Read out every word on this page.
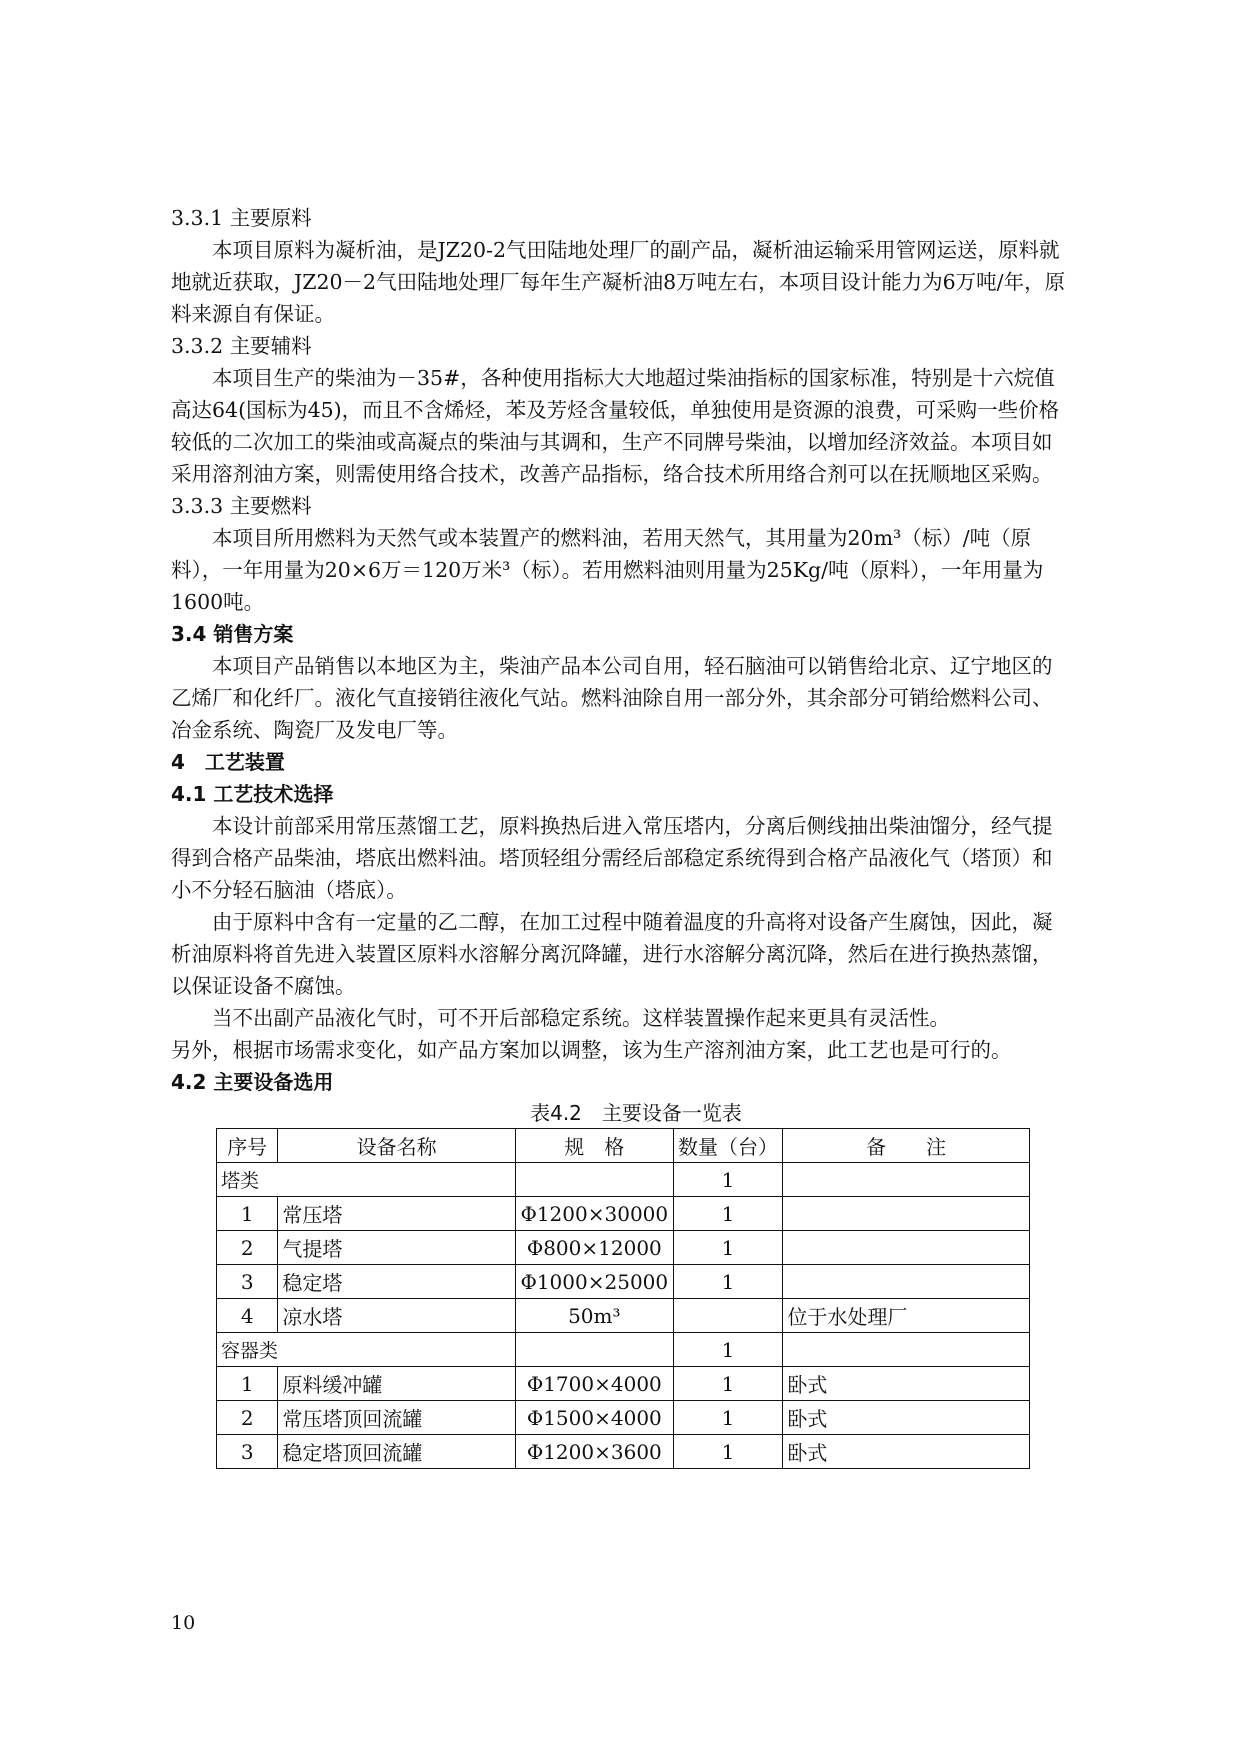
3.3.1 主要原料

本项目原料为凝析油，是JZ20-2气田陆地处理厂的副产品，凝析油运输采用管网运送，原料就地就近获取，JZ20－2气田陆地处理厂每年生产凝析油8万吨左右，本项目设计能力为6万吨/年，原料来源自有保证。

3.3.2 主要辅料

本项目生产的柴油为－35#，各种使用指标大大地超过柴油指标的国家标准，特别是十六烷值高达64(国标为45)，而且不含烯烃，苯及芳烃含量较低，单独使用是资源的浪费，可采购一些价格较低的二次加工的柴油或高凝点的柴油与其调和，生产不同牌号柴油，以增加经济效益。本项目如采用溶剂油方案，则需使用络合技术，改善产品指标，络合技术所用络合剂可以在抚顺地区采购。

3.3.3 主要燃料

本项目所用燃料为天然气或本装置产的燃料油，若用天然气，其用量为20m³（标）/吨（原料），一年用量为20×6万＝120万米³（标）。若用燃料油则用量为25Kg/吨（原料），一年用量为1600吨。

3.4 销售方案

本项目产品销售以本地区为主，柴油产品本公司自用，轻石脑油可以销售给北京、辽宁地区的乙烯厂和化纤厂。液化气直接销往液化气站。燃料油除自用一部分外，其余部分可销给燃料公司、冶金系统、陶瓷厂及发电厂等。

4　工艺装置

4.1 工艺技术选择

本设计前部采用常压蒸馏工艺，原料换热后进入常压塔内，分离后侧线抽出柴油馏分，经气提得到合格产品柴油，塔底出燃料油。塔顶轻组分需经后部稳定系统得到合格产品液化气（塔顶）和小不分轻石脑油（塔底）。

由于原料中含有一定量的乙二醇，在加工过程中随着温度的升高将对设备产生腐蚀，因此，凝析油原料将首先进入装置区原料水溶解分离沉降罐，进行水溶解分离沉降，然后在进行换热蒸馏，以保证设备不腐蚀。

当不出副产品液化气时，可不开后部稳定系统。这样装置操作起来更具有灵活性。

另外，根据市场需求变化，如产品方案加以调整，该为生产溶剂油方案，此工艺也是可行的。

4.2 主要设备选用

表4.2　主要设备一览表

序号	设备名称	规　格	数量（台）	备　　注
塔类			1	
1	常压塔	Φ1200×30000	1	
2	气提塔	Φ800×12000	1	
3	稳定塔	Φ1000×25000	1	
4	凉水塔	50m³		位于水处理厂
容器类			1	
1	原料缓冲罐	Φ1700×4000	1	卧式
2	常压塔顶回流罐	Φ1500×4000	1	卧式
3	稳定塔顶回流罐	Φ1200×3600	1	卧式
10
